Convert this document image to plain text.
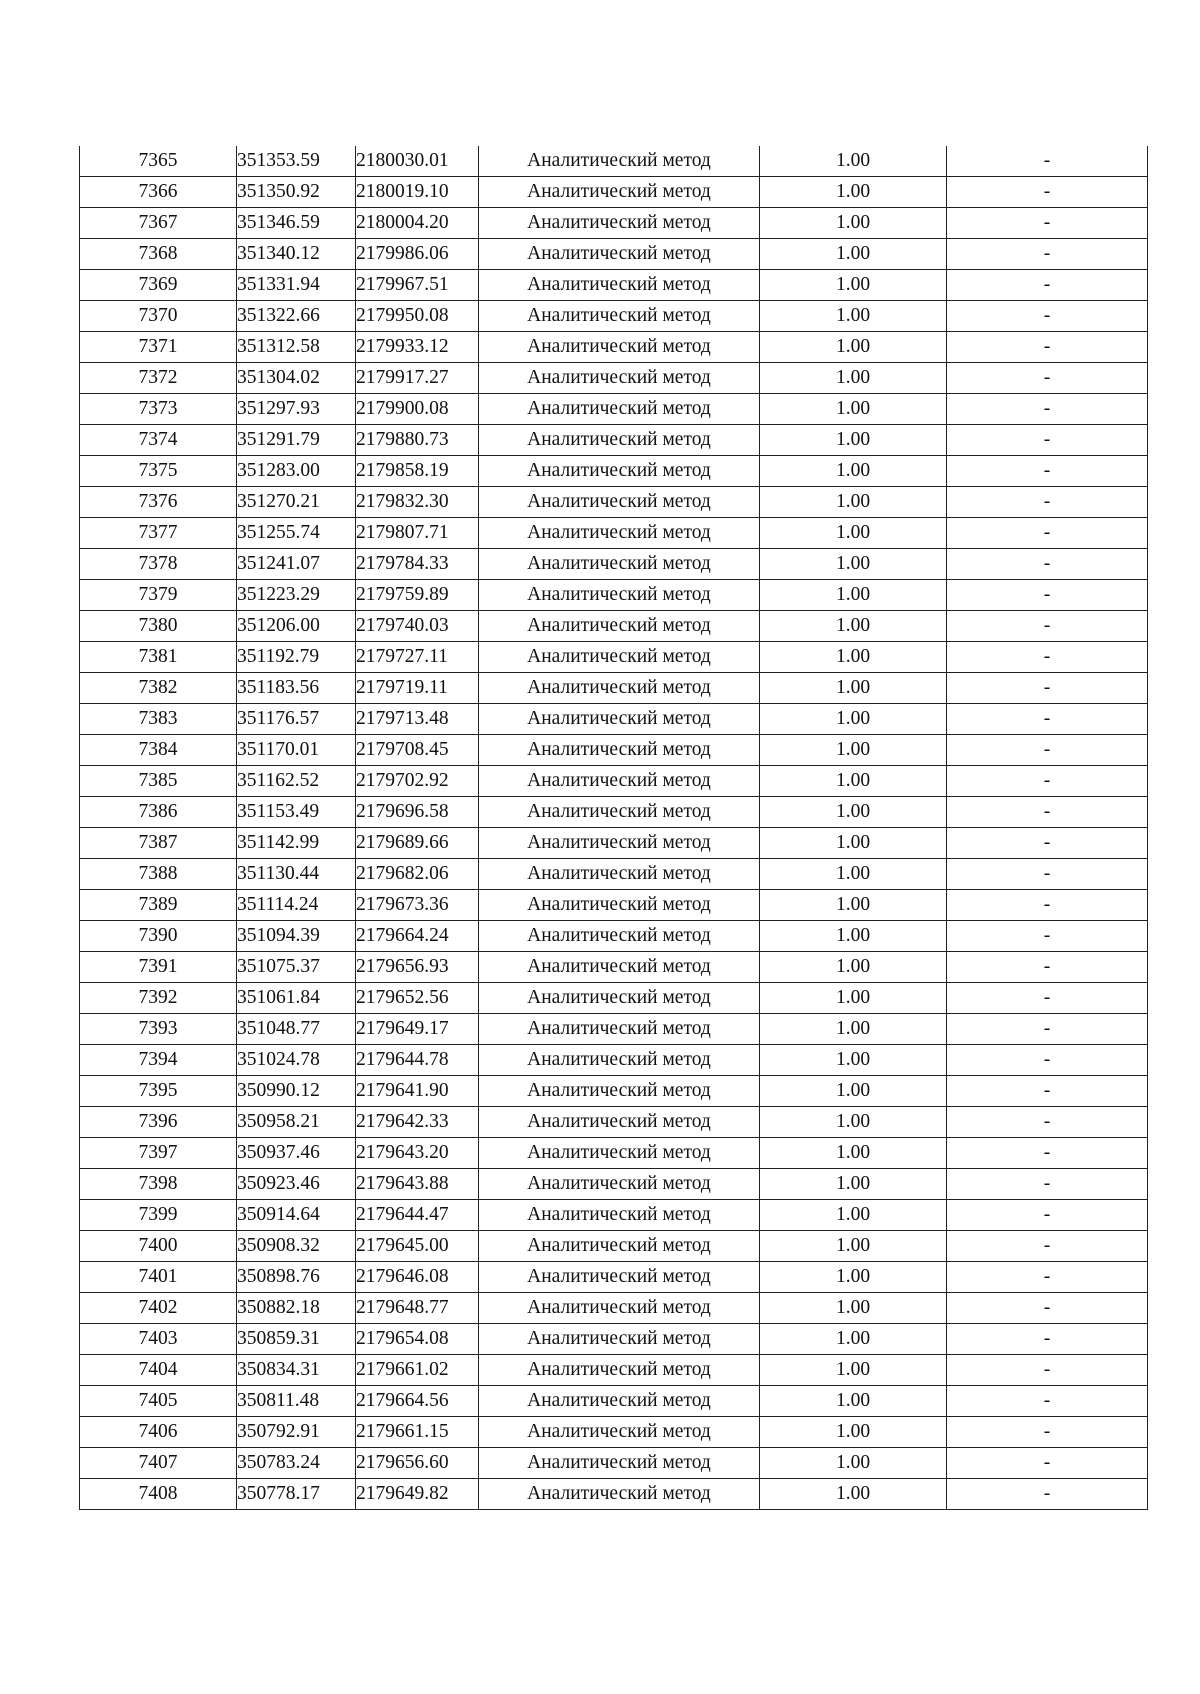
7365	351353.59	2180030.01	Аналитический метод	1.00	-
7366	351350.92	2180019.10	Аналитический метод	1.00	-
7367	351346.59	2180004.20	Аналитический метод	1.00	-
7368	351340.12	2179986.06	Аналитический метод	1.00	-
7369	351331.94	2179967.51	Аналитический метод	1.00	-
7370	351322.66	2179950.08	Аналитический метод	1.00	-
7371	351312.58	2179933.12	Аналитический метод	1.00	-
7372	351304.02	2179917.27	Аналитический метод	1.00	-
7373	351297.93	2179900.08	Аналитический метод	1.00	-
7374	351291.79	2179880.73	Аналитический метод	1.00	-
7375	351283.00	2179858.19	Аналитический метод	1.00	-
7376	351270.21	2179832.30	Аналитический метод	1.00	-
7377	351255.74	2179807.71	Аналитический метод	1.00	-
7378	351241.07	2179784.33	Аналитический метод	1.00	-
7379	351223.29	2179759.89	Аналитический метод	1.00	-
7380	351206.00	2179740.03	Аналитический метод	1.00	-
7381	351192.79	2179727.11	Аналитический метод	1.00	-
7382	351183.56	2179719.11	Аналитический метод	1.00	-
7383	351176.57	2179713.48	Аналитический метод	1.00	-
7384	351170.01	2179708.45	Аналитический метод	1.00	-
7385	351162.52	2179702.92	Аналитический метод	1.00	-
7386	351153.49	2179696.58	Аналитический метод	1.00	-
7387	351142.99	2179689.66	Аналитический метод	1.00	-
7388	351130.44	2179682.06	Аналитический метод	1.00	-
7389	351114.24	2179673.36	Аналитический метод	1.00	-
7390	351094.39	2179664.24	Аналитический метод	1.00	-
7391	351075.37	2179656.93	Аналитический метод	1.00	-
7392	351061.84	2179652.56	Аналитический метод	1.00	-
7393	351048.77	2179649.17	Аналитический метод	1.00	-
7394	351024.78	2179644.78	Аналитический метод	1.00	-
7395	350990.12	2179641.90	Аналитический метод	1.00	-
7396	350958.21	2179642.33	Аналитический метод	1.00	-
7397	350937.46	2179643.20	Аналитический метод	1.00	-
7398	350923.46	2179643.88	Аналитический метод	1.00	-
7399	350914.64	2179644.47	Аналитический метод	1.00	-
7400	350908.32	2179645.00	Аналитический метод	1.00	-
7401	350898.76	2179646.08	Аналитический метод	1.00	-
7402	350882.18	2179648.77	Аналитический метод	1.00	-
7403	350859.31	2179654.08	Аналитический метод	1.00	-
7404	350834.31	2179661.02	Аналитический метод	1.00	-
7405	350811.48	2179664.56	Аналитический метод	1.00	-
7406	350792.91	2179661.15	Аналитический метод	1.00	-
7407	350783.24	2179656.60	Аналитический метод	1.00	-
7408	350778.17	2179649.82	Аналитический метод	1.00	-
